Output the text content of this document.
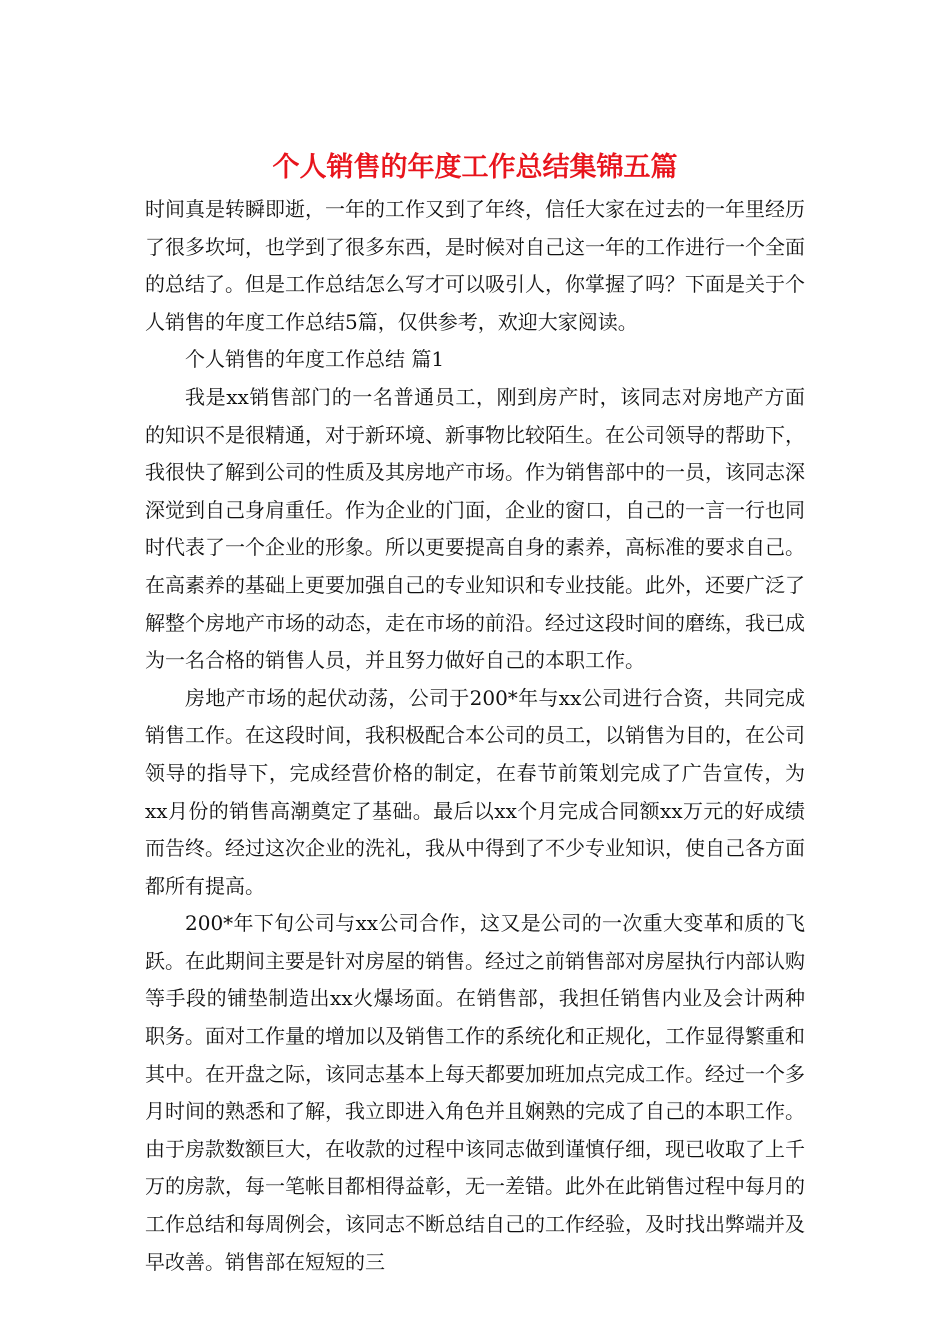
个人销售的年度工作总结集锦五篇

时间真是转瞬即逝，一年的工作又到了年终，信任大家在过去的一年里经历了很多坎坷，也学到了很多东西，是时候对自己这一年的工作进行一个全面的总结了。但是工作总结怎么写才可以吸引人，你掌握了吗？下面是关于个人销售的年度工作总结5篇，仅供参考，欢迎大家阅读。

个人销售的年度工作总结 篇1

我是xx销售部门的一名普通员工，刚到房产时，该同志对房地产方面的知识不是很精通，对于新环境、新事物比较陌生。在公司领导的帮助下，我很快了解到公司的性质及其房地产市场。作为销售部中的一员，该同志深深觉到自己身肩重任。作为企业的门面，企业的窗口，自己的一言一行也同时代表了一个企业的形象。所以更要提高自身的素养，高标准的要求自己。在高素养的基础上更要加强自己的专业知识和专业技能。此外，还要广泛了解整个房地产市场的动态，走在市场的前沿。经过这段时间的磨练，我已成为一名合格的销售人员，并且努力做好自己的本职工作。

房地产市场的起伏动荡，公司于200*年与xx公司进行合资，共同完成销售工作。在这段时间，我积极配合本公司的员工，以销售为目的，在公司领导的指导下，完成经营价格的制定，在春节前策划完成了广告宣传，为xx月份的销售高潮奠定了基础。最后以xx个月完成合同额xx万元的好成绩而告终。经过这次企业的洗礼，我从中得到了不少专业知识，使自己各方面都所有提高。

200*年下旬公司与xx公司合作，这又是公司的一次重大变革和质的飞跃。在此期间主要是针对房屋的销售。经过之前销售部对房屋执行内部认购等手段的铺垫制造出xx火爆场面。在销售部，我担任销售内业及会计两种职务。面对工作量的增加以及销售工作的系统化和正规化，工作显得繁重和其中。在开盘之际，该同志基本上每天都要加班加点完成工作。经过一个多月时间的熟悉和了解，我立即进入角色并且娴熟的完成了自己的本职工作。由于房款数额巨大，在收款的过程中该同志做到谨慎仔细，现已收取了上千万的房款，每一笔帐目都相得益彰，无一差错。此外在此销售过程中每月的工作总结和每周例会，该同志不断总结自己的工作经验，及时找出弊端并及早改善。销售部在短短的三
